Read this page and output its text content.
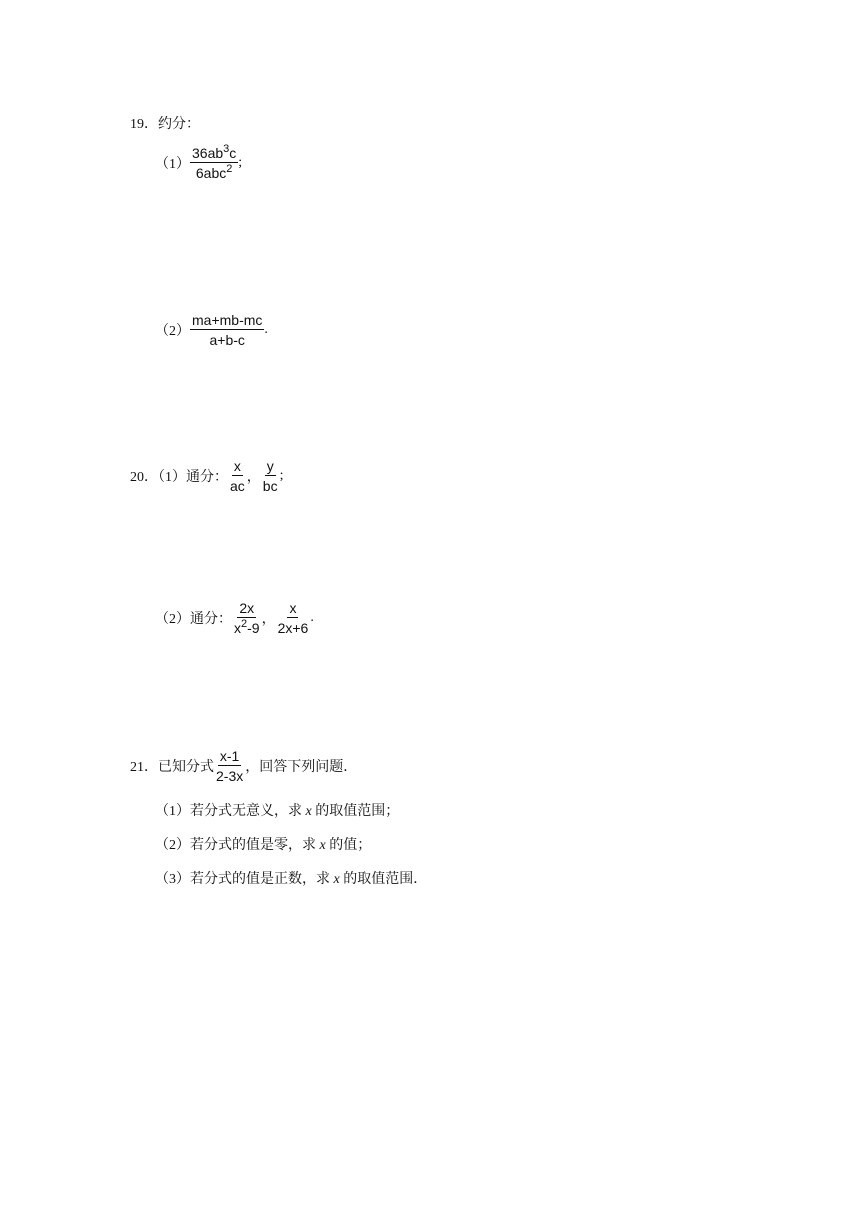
19．约分：
$(1) \frac{36ab^3c}{6abc^2}$ ;
$(2) \frac{ma+mb-mc}{a+b-c}$ .
20．（1）通分： $\frac{x}{ac}$ ， $\frac{y}{bc}$ ;
（2）通分： $\frac{2x}{x^2-9}$ ， $\frac{x}{2x+6}$ .
21．已知分式 $\frac{x-1}{2-3x}$ ，回答下列问题．
（1）若分式无意义，求 x 的取值范围；
（2）若分式的值是零，求 x 的值；
（3）若分式的值是正数，求 x 的取值范围．
